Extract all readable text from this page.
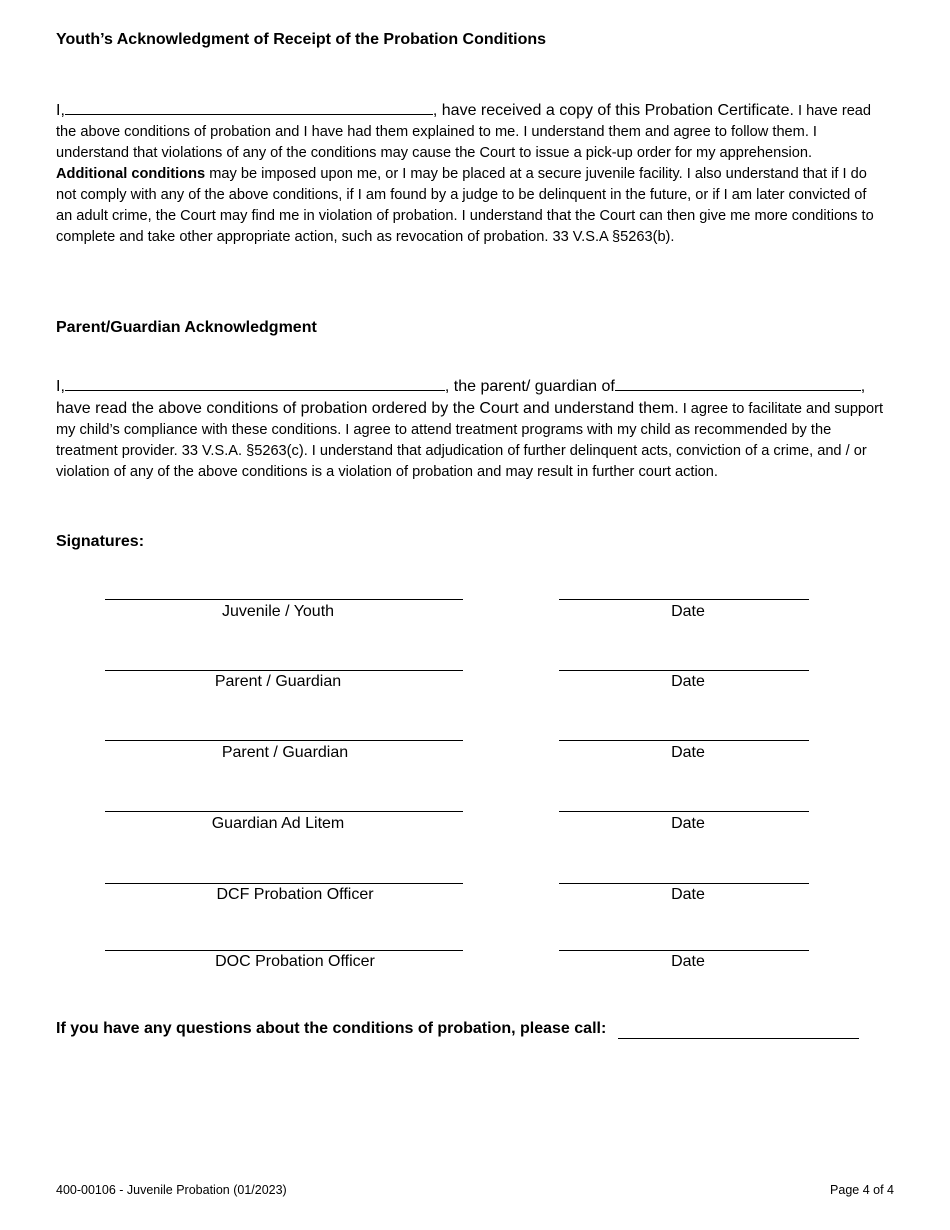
Youth’s Acknowledgment of Receipt of the Probation Conditions
I,	, have received a copy of this Probation Certificate. I have read the above conditions of probation and I have had them explained to me. I understand them and agree to follow them. I understand that violations of any of the conditions may cause the Court to issue a pick-up order for my apprehension. Additional conditions may be imposed upon me, or I may be placed at a secure juvenile facility. I also understand that if I do not comply with any of the above conditions, if I am found by a judge to be delinquent in the future, or if I am later convicted of an adult crime, the Court may find me in violation of probation. I understand that the Court can then give me more conditions to complete and take other appropriate action, such as revocation of probation. 33 V.S.A §5263(b).
Parent/Guardian Acknowledgment
I,	, the parent/ guardian of	,
have read the above conditions of probation ordered by the Court and understand them. I agree to facilitate and support my child’s compliance with these conditions. I agree to attend treatment programs with my child as recommended by the treatment provider. 33 V.S.A. §5263(c). I understand that adjudication of further delinquent acts, conviction of a crime, and / or violation of any of the above conditions is a violation of probation and may result in further court action.
Signatures:
Juvenile / Youth	Date
Parent / Guardian	Date
Parent / Guardian	Date
Guardian Ad Litem	Date
DCF Probation Officer	Date
DOC Probation Officer	Date
If you have any questions about the conditions of probation, please call:
400-00106 - Juvenile Probation (01/2023)	Page 4 of 4
